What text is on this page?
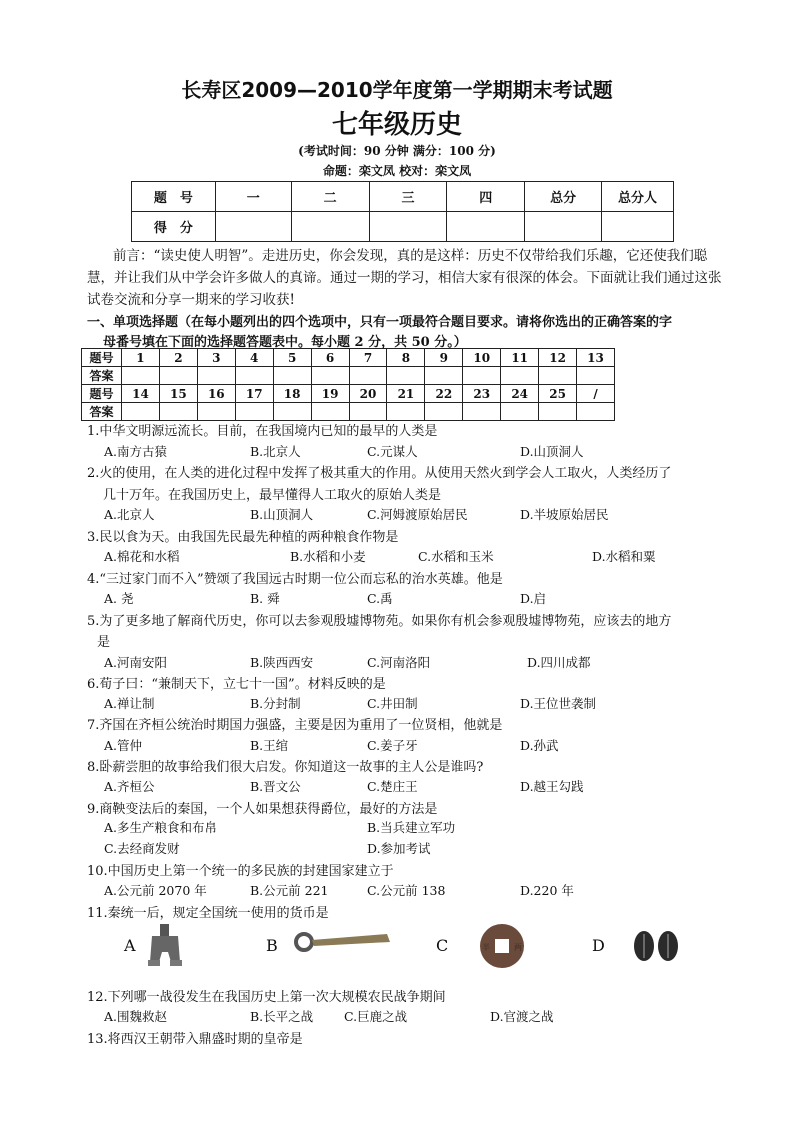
长寿区2009—2010学年度第一学期期末考试题
七年级历史
(考试时间：90 分钟 满分：100 分)
命题：栾文凤 校对：栾文凤
题　号	一	二	三	四	总分	总分人
得　分						
前言：“读史使人明智”。走进历史，你会发现，真的是这样：历史不仅带给我们乐趣，它还使我们聪慧，并让我们从中学会许多做人的真谛。通过一期的学习，相信大家有很深的体会。下面就让我们通过这张试卷交流和分享一期来的学习收获!
一、单项选择题（在每小题列出的四个选项中，只有一项最符合题目要求。请将你选出的正确答案的字
母番号填在下面的选择题答题表中。每小题 2 分，共 50 分。）
题号	1	2	3	4	5	6	7	8	9	10	11	12	13
答案													
题号	14	15	16	17	18	19	20	21	22	23	24	25	/
答案													
1.中华文明源远流长。目前，在我国境内已知的最早的人类是
A.南方古猿	B.北京人	C.元谋人	D.山顶洞人
2.火的使用，在人类的进化过程中发挥了极其重大的作用。从使用天然火到学会人工取火，人类经历了
几十万年。在我国历史上，最早懂得人工取火的原始人类是
A.北京人	B.山顶洞人	C.河姆渡原始居民	D.半坡原始居民
3.民以食为天。由我国先民最先种植的两种粮食作物是
A.棉花和水稻	B.水稻和小麦	C.水稻和玉米	D.水稻和粟
4.“三过家门而不入”赞颂了我国远古时期一位公而忘私的治水英雄。他是
A. 尧	B. 舜	C.禹	D.启
5.为了更多地了解商代历史，你可以去参观殷墟博物苑。如果你有机会参观殷墟博物苑，应该去的地方
是
A.河南安阳	B.陕西西安	C.河南洛阳	D.四川成都
6.荀子曰：“兼制天下，立七十一国”。材料反映的是
A.禅让制	B.分封制	C.井田制	D.王位世袭制
7.齐国在齐桓公统治时期国力强盛，主要是因为重用了一位贤相，他就是
A.管仲	B.王绾	C.姜子牙	D.孙武
8.卧薪尝胆的故事给我们很大启发。你知道这一故事的主人公是谁吗?
A.齐桓公	B.晋文公	C.楚庄王	D.越王勾践
9.商鞅变法后的秦国，一个人如果想获得爵位，最好的方法是
A.多生产粮食和布帛	B.当兵建立军功
C.去经商发财	D.参加考试
10.中国历史上第一个统一的多民族的封建国家建立于
A.公元前 2070 年	B.公元前 221	C.公元前 138	D.220 年
11.秦统一后，规定全国统一使用的货币是
A	B	C	半	两	D
12.下列哪一战役发生在我国历史上第一次大规模农民战争期间
A.围魏救赵	B.长平之战 C.巨鹿之战	D.官渡之战
13.将西汉王朝带入鼎盛时期的皇帝是
